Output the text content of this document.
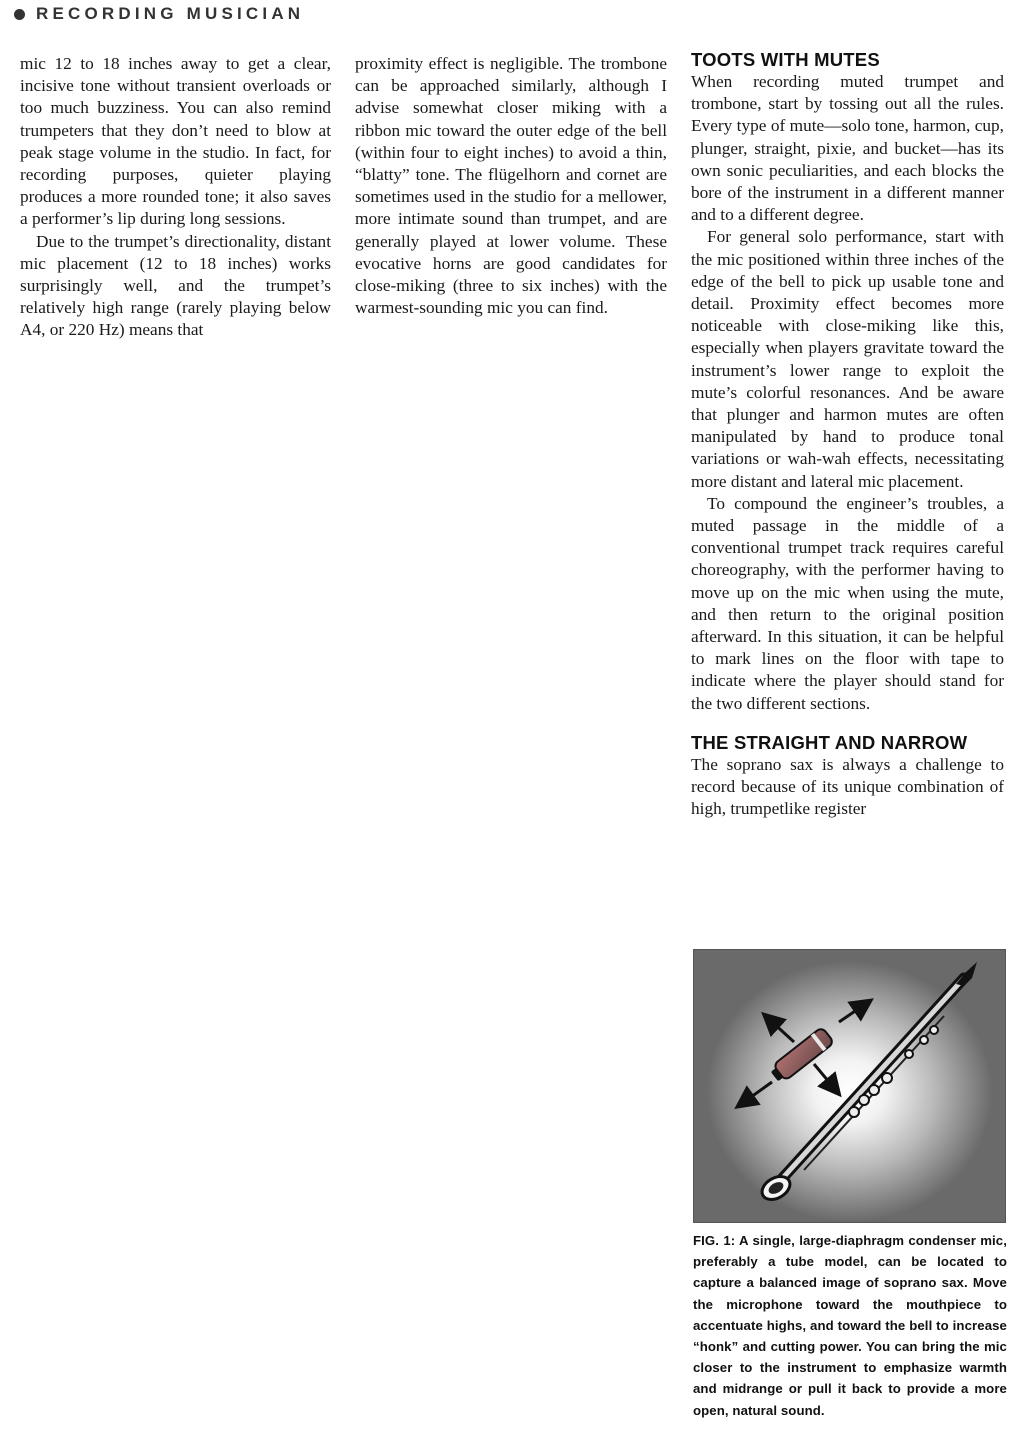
RECORDING MUSICIAN

mic 12 to 18 inches away to get a clear, incisive tone without transient overloads or too much buzziness. You can also remind trumpeters that they don’t need to blow at peak stage volume in the studio. In fact, for recording purposes, quieter playing produces a more rounded tone; it also saves a performer’s lip during long sessions.

Due to the trumpet’s directionality, distant mic placement (12 to 18 inches) works surprisingly well, and the trumpet’s relatively high range (rarely playing below A4, or 220 Hz) means that

proximity effect is negligible. The trombone can be approached similarly, although I advise somewhat closer miking with a ribbon mic toward the outer edge of the bell (within four to eight inches) to avoid a thin, “blatty” tone. The flügelhorn and cornet are sometimes used in the studio for a mellower, more intimate sound than trumpet, and are generally played at lower volume. These evocative horns are good candidates for close-miking (three to six inches) with the warmest-sounding mic you can find.

TOOTS WITH MUTES

When recording muted trumpet and trombone, start by tossing out all the rules. Every type of mute—solo tone, harmon, cup, plunger, straight, pixie, and bucket—has its own sonic peculiarities, and each blocks the bore of the instrument in a different manner and to a different degree.

For general solo performance, start with the mic positioned within three inches of the edge of the bell to pick up usable tone and detail. Proximity effect becomes more noticeable with close-miking like this, especially when players gravitate toward the instrument’s lower range to exploit the mute’s colorful resonances. And be aware that plunger and harmon mutes are often manipulated by hand to produce tonal variations or wah-wah effects, necessitating more distant and lateral mic placement.

To compound the engineer’s troubles, a muted passage in the middle of a conventional trumpet track requires careful choreography, with the performer having to move up on the mic when using the mute, and then return to the original position afterward. In this situation, it can be helpful to mark lines on the floor with tape to indicate where the player should stand for the two different sections.

THE STRAIGHT AND NARROW

The soprano sax is always a challenge to record because of its unique combination of high, trumpetlike register

FIG. 1: A single, large-diaphragm condenser mic, preferably a tube model, can be located to capture a balanced image of soprano sax. Move the microphone toward the mouthpiece to accentuate highs, and toward the bell to increase “honk” and cutting power. You can bring the mic closer to the instrument to emphasize warmth and midrange or pull it back to provide a more open, natural sound.
